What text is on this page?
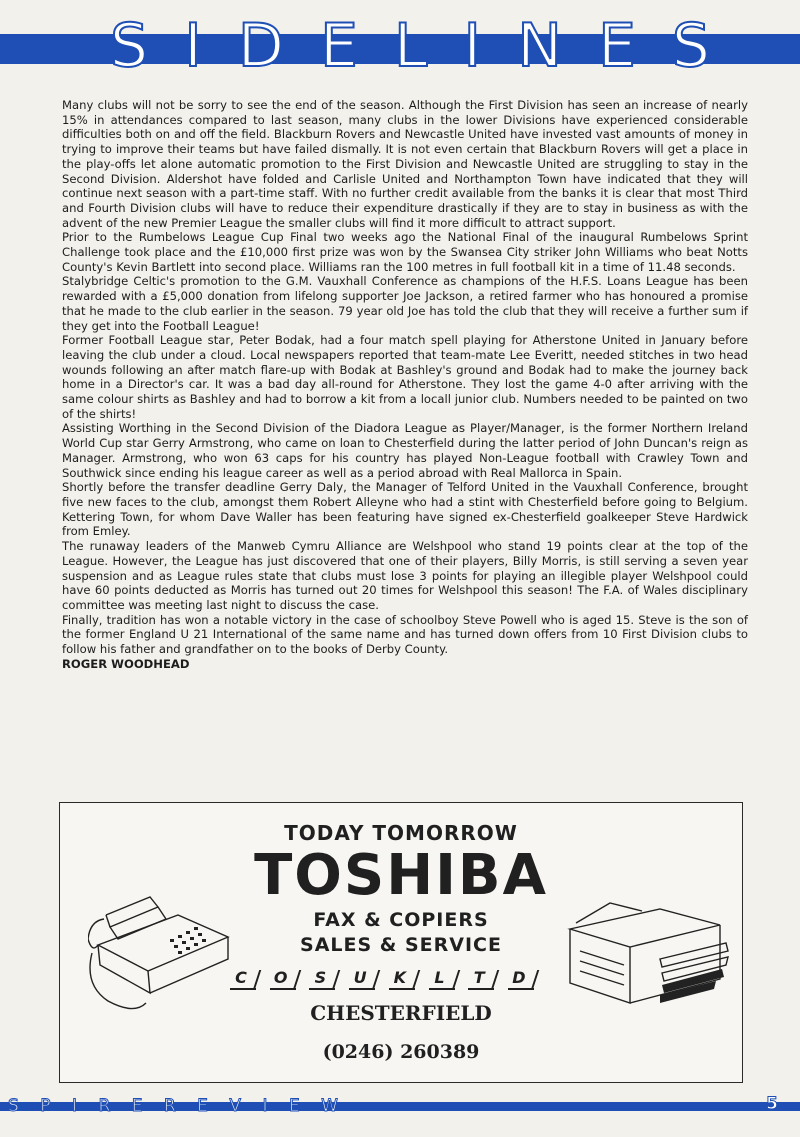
S I D E L I N E S

Many clubs will not be sorry to see the end of the season. Although the First Division has seen an increase of nearly 15% in attendances compared to last season, many clubs in the lower Divisions have experienced considerable difficulties both on and off the field. Blackburn Rovers and Newcastle United have invested vast amounts of money in trying to improve their teams but have failed dismally. It is not even certain that Blackburn Rovers will get a place in the play-offs let alone automatic promotion to the First Division and Newcastle United are struggling to stay in the Second Division. Aldershot have folded and Carlisle United and Northampton Town have indicated that they will continue next season with a part-time staff. With no further credit available from the banks it is clear that most Third and Fourth Division clubs will have to reduce their expenditure drastically if they are to stay in business as with the advent of the new Premier League the smaller clubs will find it more difficult to attract support.

Prior to the Rumbelows League Cup Final two weeks ago the National Final of the inaugural Rumbelows Sprint Challenge took place and the £10,000 first prize was won by the Swansea City striker John Williams who beat Notts County's Kevin Bartlett into second place. Williams ran the 100 metres in full football kit in a time of 11.48 seconds.

Stalybridge Celtic's promotion to the G.M. Vauxhall Conference as champions of the H.F.S. Loans League has been rewarded with a £5,000 donation from lifelong supporter Joe Jackson, a retired farmer who has honoured a promise that he made to the club earlier in the season. 79 year old Joe has told the club that they will receive a further sum if they get into the Football League!

Former Football League star, Peter Bodak, had a four match spell playing for Atherstone United in January before leaving the club under a cloud. Local newspapers reported that team-mate Lee Everitt, needed stitches in two head wounds following an after match flare-up with Bodak at Bashley's ground and Bodak had to make the journey back home in a Director's car. It was a bad day all-round for Atherstone. They lost the game 4-0 after arriving with the same colour shirts as Bashley and had to borrow a kit from a locall junior club. Numbers needed to be painted on two of the shirts!

Assisting Worthing in the Second Division of the Diadora League as Player/Manager, is the former Northern Ireland World Cup star Gerry Armstrong, who came on loan to Chesterfield during the latter period of John Duncan's reign as Manager. Armstrong, who won 63 caps for his country has played Non-League football with Crawley Town and Southwick since ending his league career as well as a period abroad with Real Mallorca in Spain.

Shortly before the transfer deadline Gerry Daly, the Manager of Telford United in the Vauxhall Conference, brought five new faces to the club, amongst them Robert Alleyne who had a stint with Chesterfield before going to Belgium. Kettering Town, for whom Dave Waller has been featuring have signed ex-Chesterfield goalkeeper Steve Hardwick from Emley.

The runaway leaders of the Manweb Cymru Alliance are Welshpool who stand 19 points clear at the top of the League. However, the League has just discovered that one of their players, Billy Morris, is still serving a seven year suspension and as League rules state that clubs must lose 3 points for playing an illegible player Welshpool could have 60 points deducted as Morris has turned out 20 times for Welshpool this season! The F.A. of Wales disciplinary committee was meeting last night to discuss the case.

Finally, tradition has won a notable victory in the case of schoolboy Steve Powell who is aged 15. Steve is the son of the former England U 21 International of the same name and has turned down offers from 10 First Division clubs to follow his father and grandfather on to the books of Derby County.

ROGER WOODHEAD

TODAY TOMORROW
TOSHIBA
FAX & COPIERS
SALES & SERVICE
C	O	S	U K	L	T	D
CHESTERFIELD
(0246) 260389
S P I R E R E V I E W	5
